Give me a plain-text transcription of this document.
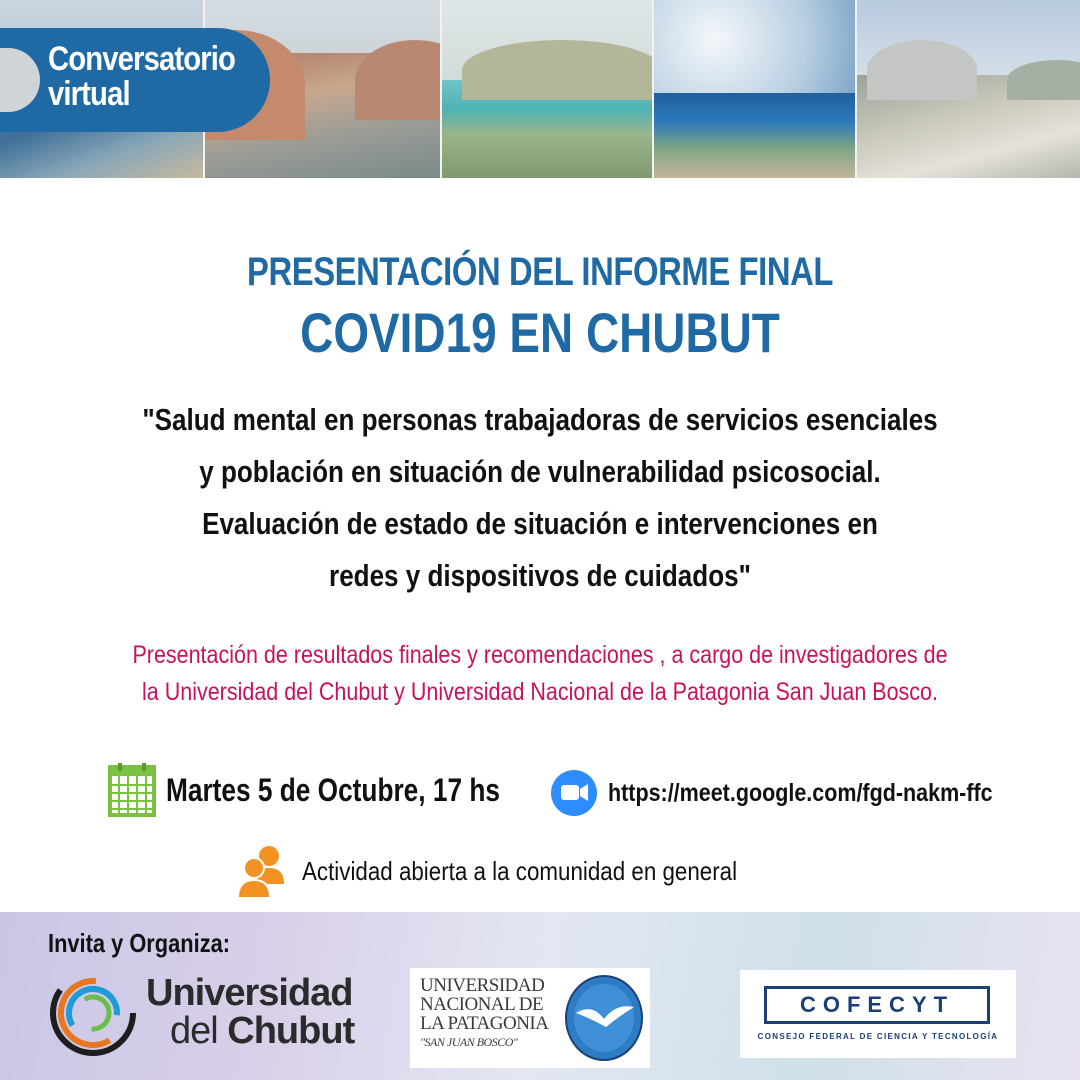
Conversatorio
virtual
PRESENTACIÓN DEL INFORME FINAL
COVID19 EN CHUBUT
"Salud mental en personas trabajadoras de servicios esenciales
y población en situación de vulnerabilidad psicosocial.
Evaluación de estado de situación e intervenciones en
redes y dispositivos de cuidados"
Presentación de resultados finales y recomendaciones , a cargo de investigadores de
la Universidad del Chubut y Universidad Nacional de la Patagonia San Juan Bosco.
Martes 5 de Octubre, 17 hs	https://meet.google.com/fgd-nakm-ffc
Actividad abierta a la comunidad en general
Invita y Organiza:
Universidad
del Chubut
UNIVERSIDAD
NACIONAL DE
LA PATAGONIA
"SAN JUAN BOSCO"
COFECYT
CONSEJO FEDERAL DE CIENCIA Y TECNOLOGÍA
